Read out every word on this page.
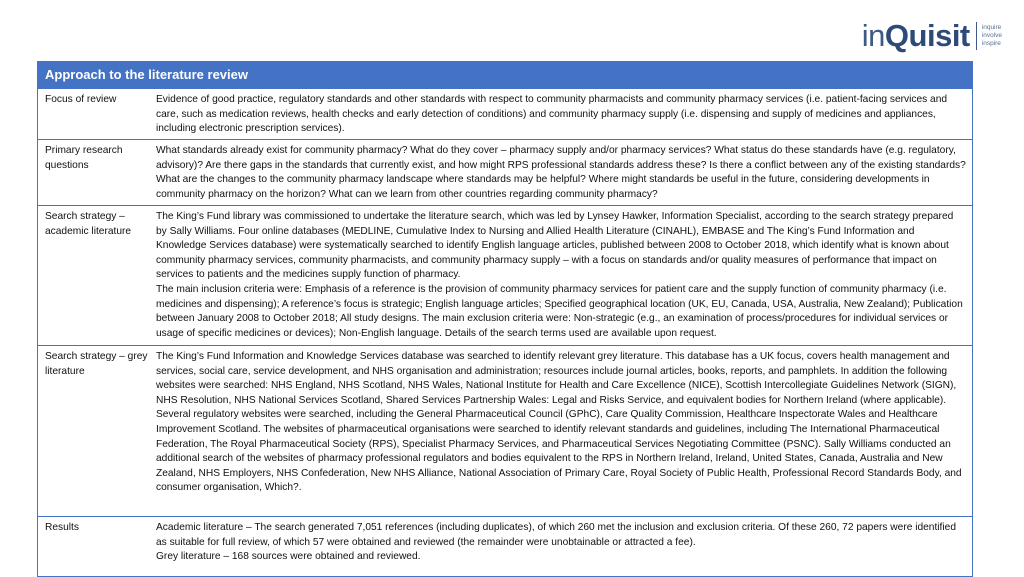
inQuisit inquire
involve
inspire
Approach to the literature review
Focus of review	Evidence of good practice, regulatory standards and other standards with respect to community pharmacists and community pharmacy services (i.e. patient-facing services and care, such as medication reviews, health checks and early detection of conditions) and community pharmacy supply (i.e. dispensing and supply of medicines and appliances, including electronic prescription services).

Primary research questions

What standards already exist for community pharmacy? What do they cover – pharmacy supply and/or pharmacy services? What status do these standards have (e.g. regulatory, advisory)? Are there gaps in the standards that currently exist, and how might RPS professional standards address these? Is there a conflict between any of the existing standards? What are the changes to the community pharmacy landscape where standards may be helpful? Where might standards be useful in the future, considering developments in community pharmacy on the horizon? What can we learn from other countries regarding community pharmacy?

Search strategy – academic literature

The King’s Fund library was commissioned to undertake the literature search, which was led by Lynsey Hawker, Information Specialist, according to the search strategy prepared by Sally Williams. Four online databases (MEDLINE, Cumulative Index to Nursing and Allied Health Literature (CINAHL), EMBASE and The King’s Fund Information and Knowledge Services database) were systematically searched to identify English language articles, published between 2008 to October 2018, which identify what is known about community pharmacy services, community pharmacists, and community pharmacy supply – with a focus on standards and/or quality measures of performance that impact on services to patients and the medicines supply function of pharmacy.

The main inclusion criteria were: Emphasis of a reference is the provision of community pharmacy services for patient care and the supply function of community pharmacy (i.e. medicines and dispensing); A reference’s focus is strategic; English language articles; Specified geographical location (UK, EU, Canada, USA, Australia, New Zealand); Publication between January 2008 to October 2018; All study designs. The main exclusion criteria were: Non-strategic (e.g., an examination of process/procedures for individual services or usage of specific medicines or devices); Non-English language. Details of the search terms used are available upon request.

Search strategy – grey literature

The King’s Fund Information and Knowledge Services database was searched to identify relevant grey literature. This database has a UK focus, covers health management and services, social care, service development, and NHS organisation and administration; resources include journal articles, books, reports, and pamphlets. In addition the following websites were searched: NHS England, NHS Scotland, NHS Wales, National Institute for Health and Care Excellence (NICE), Scottish Intercollegiate Guidelines Network (SIGN), NHS Resolution, NHS National Services Scotland, Shared Services Partnership Wales: Legal and Risks Service, and equivalent bodies for Northern Ireland (where applicable). Several regulatory websites were searched, including the General Pharmaceutical Council (GPhC), Care Quality Commission, Healthcare Inspectorate Wales and Healthcare Improvement Scotland. The websites of pharmaceutical organisations were searched to identify relevant standards and guidelines, including The International Pharmaceutical Federation, The Royal Pharmaceutical Society (RPS), Specialist Pharmacy Services, and Pharmaceutical Services Negotiating Committee (PSNC). Sally Williams conducted an additional search of the websites of pharmacy professional regulators and bodies equivalent to the RPS in Northern Ireland, Ireland, United States, Canada, Australia and New Zealand, NHS Employers, NHS Confederation, New NHS Alliance, National Association of Primary Care, Royal Society of Public Health, Professional Record Standards Body, and consumer organisation, Which?.

Results	Academic literature – The search generated 7,051 references (including duplicates), of which 260 met the inclusion and exclusion criteria. Of these 260, 72 papers were identified as suitable for full review, of which 57 were obtained and reviewed (the remainder were unobtainable or attracted a fee).

Grey literature – 168 sources were obtained and reviewed.
